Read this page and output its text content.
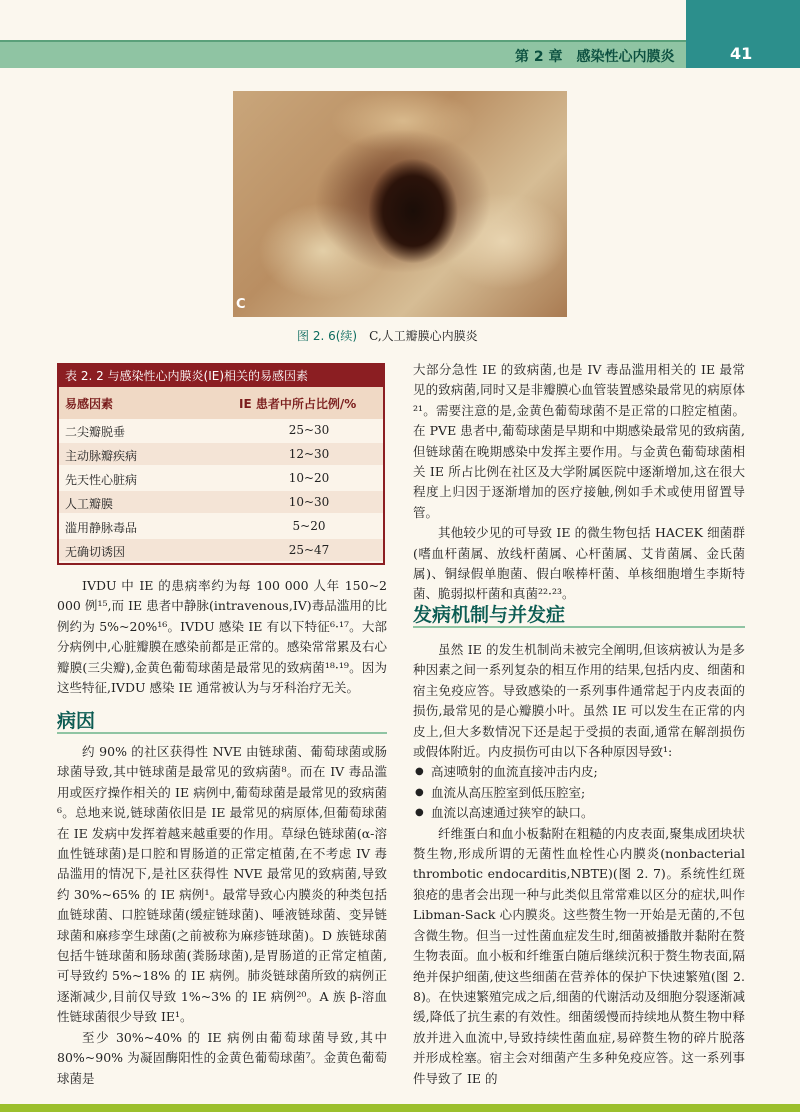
第 2 章 感染性心内膜炎	41
C
图 2. 6(续) C,人工瓣膜心内膜炎
表 2. 2 与感染性心内膜炎(IE)相关的易感因素
易感因素	IE 患者中所占比例/%
二尖瓣脱垂	25~30
主动脉瓣疾病	12~30
先天性心脏病	10~20
人工瓣膜	10~30
滥用静脉毒品	5~20
无确切诱因	25~47

IVDU 中 IE 的患病率约为每 100 000 人年 150~2 000 例¹⁵,而 IE 患者中静脉(intravenous,IV)毒品滥用的比例约为 5%~20%¹⁶。IVDU 感染 IE 有以下特征⁶·¹⁷。大部分病例中,心脏瓣膜在感染前都是正常的。感染常常累及右心瓣膜(三尖瓣),金黄色葡萄球菌是最常见的致病菌¹⁸·¹⁹。因为这些特征,IVDU 感染 IE 通常被认为与牙科治疗无关。

病因

约 90% 的社区获得性 NVE 由链球菌、葡萄球菌或肠球菌导致,其中链球菌是最常见的致病菌⁸。而在 IV 毒品滥用或医疗操作相关的 IE 病例中,葡萄球菌是最常见的致病菌⁶。总地来说,链球菌依旧是 IE 最常见的病原体,但葡萄球菌在 IE 发病中发挥着越来越重要的作用。草绿色链球菌(α-溶血性链球菌)是口腔和胃肠道的正常定植菌,在不考虑 IV 毒品滥用的情况下,是社区获得性 NVE 最常见的致病菌,导致约 30%~65% 的 IE 病例¹。最常导致心内膜炎的种类包括血链球菌、口腔链球菌(缓症链球菌)、唾液链球菌、变异链球菌和麻疹孪生球菌(之前被称为麻疹链球菌)。D 族链球菌包括牛链球菌和肠球菌(粪肠球菌),是胃肠道的正常定植菌,可导致约 5%~18% 的 IE 病例。肺炎链球菌所致的病例正逐渐减少,目前仅导致 1%~3% 的 IE 病例²⁰。A 族 β-溶血性链球菌很少导致 IE¹。

至少 30%~40% 的 IE 病例由葡萄球菌导致,其中 80%~90% 为凝固酶阳性的金黄色葡萄球菌⁷。金黄色葡萄球菌是

大部分急性 IE 的致病菌,也是 IV 毒品滥用相关的 IE 最常见的致病菌,同时又是非瓣膜心血管装置感染最常见的病原体²¹。需要注意的是,金黄色葡萄球菌不是正常的口腔定植菌。在 PVE 患者中,葡萄球菌是早期和中期感染最常见的致病菌,但链球菌在晚期感染中发挥主要作用。与金黄色葡萄球菌相关 IE 所占比例在社区及大学附属医院中逐渐增加,这在很大程度上归因于逐渐增加的医疗接触,例如手术或使用留置导管。

其他较少见的可导致 IE 的微生物包括 HACEK 细菌群(嗜血杆菌属、放线杆菌属、心杆菌属、艾肯菌属、金氏菌属)、铜绿假单胞菌、假白喉棒杆菌、单核细胞增生李斯特菌、脆弱拟杆菌和真菌²²·²³。

发病机制与并发症

虽然 IE 的发生机制尚未被完全阐明,但该病被认为是多种因素之间一系列复杂的相互作用的结果,包括内皮、细菌和宿主免疫应答。导致感染的一系列事件通常起于内皮表面的损伤,最常见的是心瓣膜小叶。虽然 IE 可以发生在正常的内皮上,但大多数情况下还是起于受损的表面,通常在解剖损伤或假体附近。内皮损伤可由以下各种原因导致¹:

● 高速喷射的血流直接冲击内皮;
● 血流从高压腔室到低压腔室;
● 血流以高速通过狭窄的缺口。

纤维蛋白和血小板黏附在粗糙的内皮表面,聚集成团块状赘生物,形成所谓的无菌性血栓性心内膜炎(nonbacterial thrombotic endocarditis,NBTE)(图 2. 7)。系统性红斑狼疮的患者会出现一种与此类似且常常难以区分的症状,叫作 Libman-Sack 心内膜炎。这些赘生物一开始是无菌的,不包含微生物。但当一过性菌血症发生时,细菌被播散并黏附在赘生物表面。血小板和纤维蛋白随后继续沉积于赘生物表面,隔绝并保护细菌,使这些细菌在营养体的保护下快速繁殖(图 2. 8)。在快速繁殖完成之后,细菌的代谢活动及细胞分裂逐渐减缓,降低了抗生素的有效性。细菌缓慢而持续地从赘生物中释放并进入血流中,导致持续性菌血症,易碎赘生物的碎片脱落并形成栓塞。宿主会对细菌产生多种免疫应答。这一系列事件导致了 IE 的
